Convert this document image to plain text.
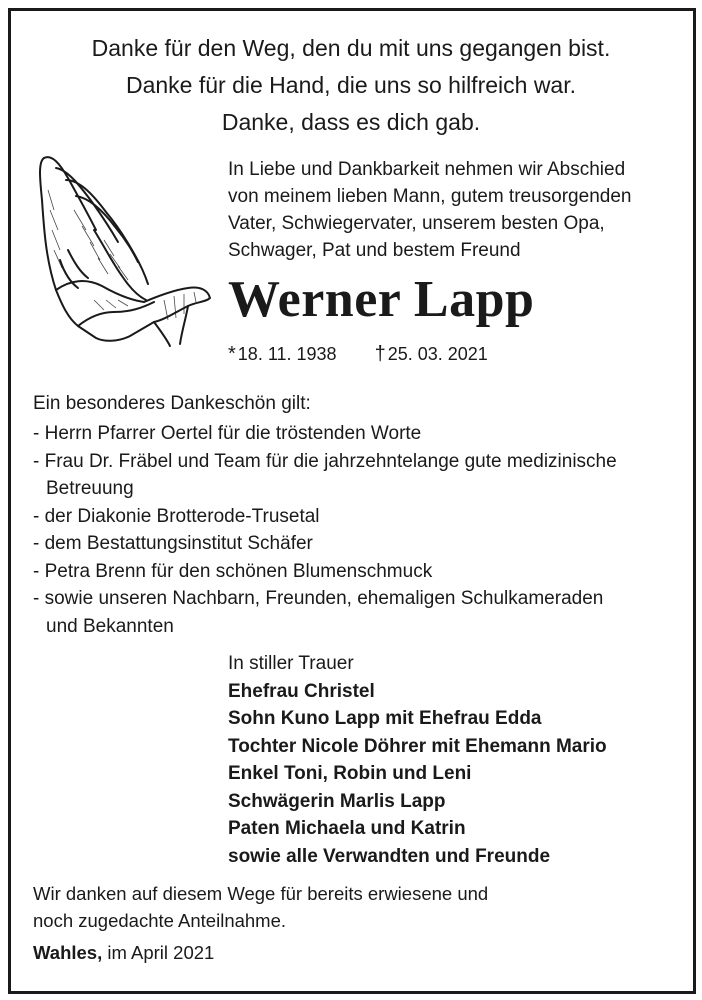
Danke für den Weg, den du mit uns gegangen bist.
Danke für die Hand, die uns so hilfreich war.
Danke, dass es dich gab.
In Liebe und Dankbarkeit nehmen wir Abschied
von meinem lieben Mann, gutem treusorgenden
Vater, Schwiegervater, unserem besten Opa,
Schwager, Pat und bestem Freund
Werner Lapp
* 18. 11. 1938 † 25. 03. 2021
Ein besonderes Dankeschön gilt:
- Herrn Pfarrer Oertel für die tröstenden Worte
- Frau Dr. Fräbel und Team für die jahrzehntelange gute medizinische
Betreuung
- der Diakonie Brotterode-Trusetal
- dem Bestattungsinstitut Schäfer
- Petra Brenn für den schönen Blumenschmuck
- sowie unseren Nachbarn, Freunden, ehemaligen Schulkameraden
und Bekannten
In stiller Trauer
Ehefrau Christel
Sohn Kuno Lapp mit Ehefrau Edda
Tochter Nicole Döhrer mit Ehemann Mario
Enkel Toni, Robin und Leni
Schwägerin Marlis Lapp
Paten Michaela und Katrin
sowie alle Verwandten und Freunde
Wir danken auf diesem Wege für bereits erwiesene und
noch zugedachte Anteilnahme.
Wahles, im April 2021
